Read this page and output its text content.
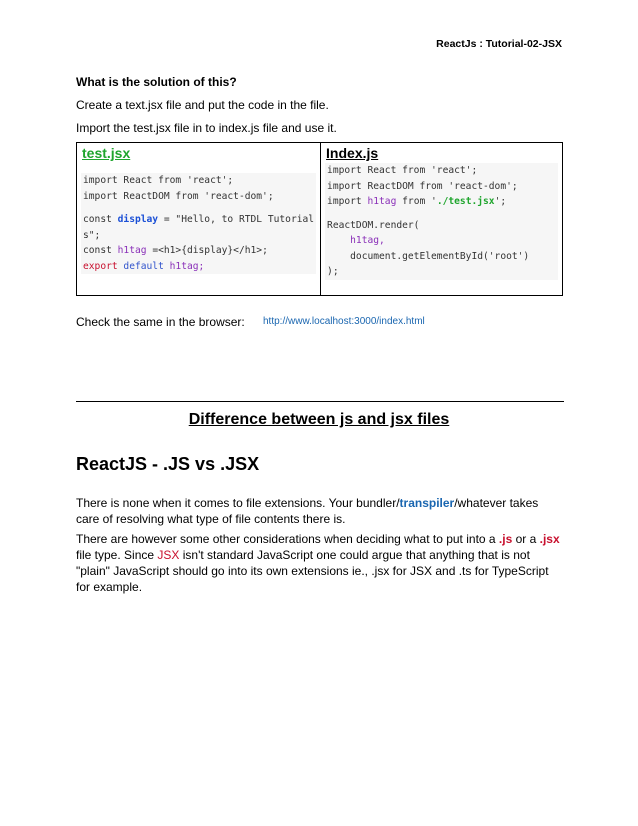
ReactJs : Tutorial-02-JSX
What is the solution of this?
Create a text.jsx file and put the code in the file.
Import the test.jsx file in to index.js file and use it.
test.jsx
import React from 'react';
import ReactDOM from 'react-dom';

const display = "Hello, to RTDL Tutorial
s";
const h1tag =<h1>{display}</h1>;
export default h1tag;
Index.js
import React from 'react';
import ReactDOM from 'react-dom';
import h1tag from './test.jsx';

ReactDOM.render(
h1tag,
document.getElementById('root')
);
Check the same in the browser: http://www.localhost:3000/index.html
Difference between js and jsx files
ReactJS - .JS vs .JSX
There is none when it comes to file extensions. Your bundler/transpiler/whatever takes care of resolving what type of file contents there is.
There are however some other considerations when deciding what to put into a .js or a .jsx file type. Since JSX isn't standard JavaScript one could argue that anything that is not "plain" JavaScript should go into its own extensions ie., .jsx for JSX and .ts for TypeScript for example.
